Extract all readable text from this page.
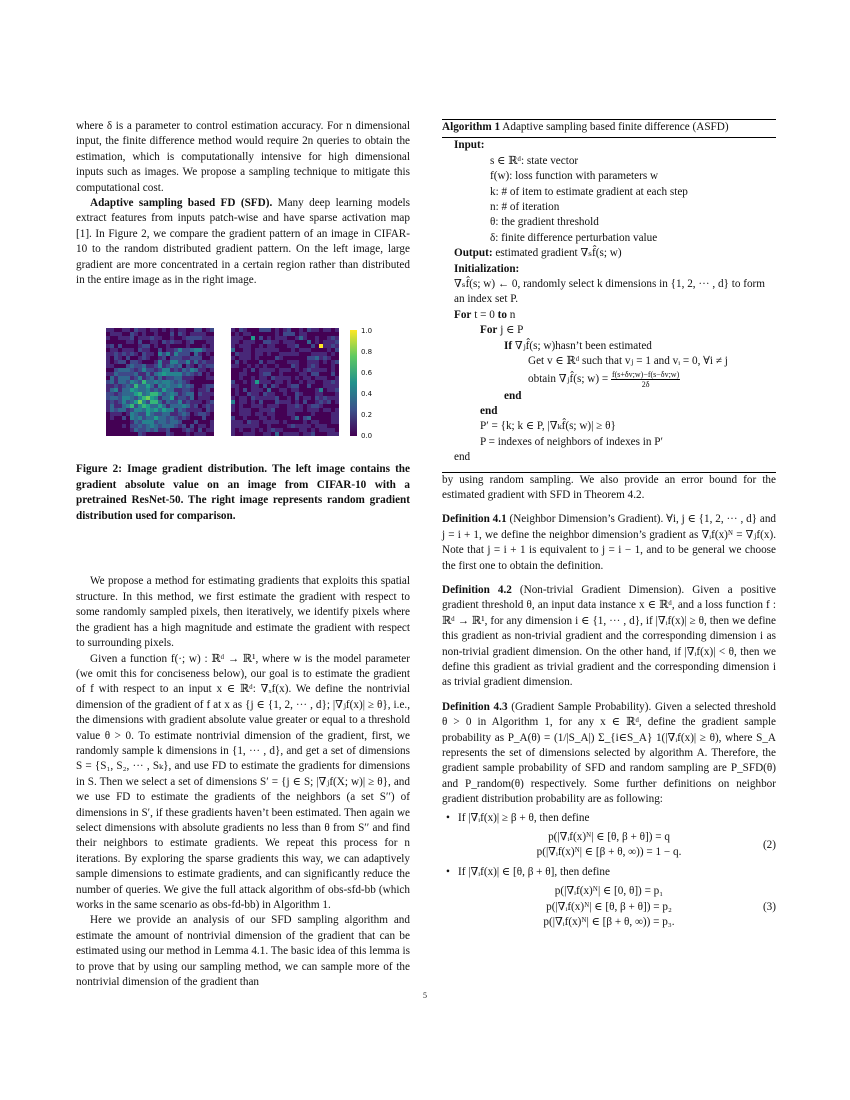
where δ is a parameter to control estimation accuracy. For n dimensional input, the finite difference method would require 2n queries to obtain the estimation, which is computationally intensive for high dimensional inputs such as images. We propose a sampling technique to mitigate this computational cost.

Adaptive sampling based FD (SFD). Many deep learning models extract features from inputs patch-wise and have sparse activation map [1]. In Figure 2, we compare the gradient pattern of an image in CIFAR-10 to the random distributed gradient pattern. On the left image, large gradient are more concentrated in a certain region rather than distributed in the entire image as in the right image.

1.0
0.8
0.6
0.4
0.2
0.0
Figure 2: Image gradient distribution. The left image contains the gradient absolute value on an image from CIFAR-10 with a pretrained ResNet-50. The right image represents random gradient distribution used for comparison.

We propose a method for estimating gradients that exploits this spatial structure. In this method, we first estimate the gradient with respect to some randomly sampled pixels, then iteratively, we identify pixels where the gradient has a high magnitude and estimate the gradient with respect to surrounding pixels.

Given a function f(·; w) : ℝᵈ → ℝ¹, where w is the model parameter (we omit this for conciseness below), our goal is to estimate the gradient of f with respect to an input x ∈ ℝᵈ: ∇ₓf(x). We define the nontrivial dimension of the gradient of f at x as {j ∈ {1, 2, ··· , d}; |∇ⱼf(x)| ≥ θ}, i.e., the dimensions with gradient absolute value greater or equal to a threshold value θ > 0. To estimate nontrivial dimension of the gradient, first, we randomly sample k dimensions in {1, ··· , d}, and get a set of dimensions S = {S₁, S₂, ··· , Sₖ}, and use FD to estimate the gradients for dimensions in S. Then we select a set of dimensions S′ = {j ∈ S; |∇ⱼf(X; w)| ≥ θ}, and we use FD to estimate the gradients of the neighbors (a set S′′) of dimensions in S′, if these gradients haven’t been estimated. Then again we select dimensions with absolute gradients no less than θ from S′′ and find their neighbors to estimate gradients. We repeat this process for n iterations. By exploring the sparse gradients this way, we can adaptively sample dimensions to estimate gradients, and can significantly reduce the number of queries. We give the full attack algorithm of obs-sfd-bb (which works in the same scenario as obs-fd-bb) in Algorithm 1.

Here we provide an analysis of our SFD sampling algorithm and estimate the amount of nontrivial dimension of the gradient that can be estimated using our method in Lemma 4.1. The basic idea of this lemma is to prove that by using our sampling method, we can sample more of the nontrivial dimension of the gradient than

Algorithm 1 Adaptive sampling based finite difference (ASFD)
Input:
s ∈ ℝᵈ: state vector
f(w): loss function with parameters w
k: # of item to estimate gradient at each step
n: # of iteration
θ: the gradient threshold
δ: finite difference perturbation value
Output: estimated gradient ∇ₛf̂(s; w)
Initialization:
∇ₛf̂(s; w) ← 0, randomly select k dimensions in {1, 2, ··· , d} to form an index set P.
For t = 0 to n
For j ∈ P
If ∇ⱼf̂(s; w)hasn’t been estimated
Get v ∈ ℝᵈ such that vⱼ = 1 and vᵢ = 0, ∀i ≠ j
obtain ∇ⱼf̂(s; $w) = \frac{f(s+\delta v;w)-f(s-\delta v;w)}{2\delta}$
end
end
P′ = {k; k ∈ P, |∇ₖf̂(s; w)| ≥ θ}
P = indexes of neighbors of indexes in P′
end

by using random sampling. We also provide an error bound for the estimated gradient with SFD in Theorem 4.2.

Definition 4.1 (Neighbor Dimension’s Gradient). ∀i, j ∈ {1, 2, ··· , d} and j = i + 1, we define the neighbor dimension’s gradient as ∇ᵢf(x)ᴺ = ∇ⱼf(x). Note that j = i + 1 is equivalent to j = i − 1, and to be general we choose the first one to obtain the definition.

Definition 4.2 (Non-trivial Gradient Dimension). Given a positive gradient threshold θ, an input data instance x ∈ ℝᵈ, and a loss function f : ℝᵈ → ℝ¹, for any dimension i ∈ {1, ··· , d}, if |∇ᵢf(x)| ≥ θ, then we define this gradient as non-trivial gradient and the corresponding dimension i as non-trivial gradient dimension. On the other hand, if |∇ᵢf(x)| < θ, then we define this gradient as trivial gradient and the corresponding dimension i as trivial gradient dimension.

Definition 4.3 (Gradient Sample Probability). Given a selected threshold θ > 0 in Algorithm 1, for any x ∈ ℝᵈ, define the gradient sample probability as P_A(θ) = (1/|S_A|) Σ_{i∈S_A} 1(|∇ᵢf(x)| ≥ θ), where S_A represents the set of dimensions selected by algorithm A. Therefore, the gradient sample probability of SFD and random sampling are P_SFD(θ) and P_random(θ) respectively. Some further definitions on neighbor gradient distribution probability are as following:

• If |∇ᵢf(x)| ≥ β + θ, then define
p(|∇ᵢf(x)ᴺ| ∈ [θ, β + θ]) = q
p(|∇ᵢf(x)ᴺ| ∈ [β + θ, ∞)) = 1 − q.
(2)
• If |∇ᵢf(x)| ∈ [θ, β + θ], then define
p(|∇ᵢf(x)ᴺ| ∈ [0, θ]) = p₁
p(|∇ᵢf(x)ᴺ| ∈ [θ, β + θ]) = p₂
p(|∇ᵢf(x)ᴺ| ∈ [β + θ, ∞)) = p₃.
(3)
5
